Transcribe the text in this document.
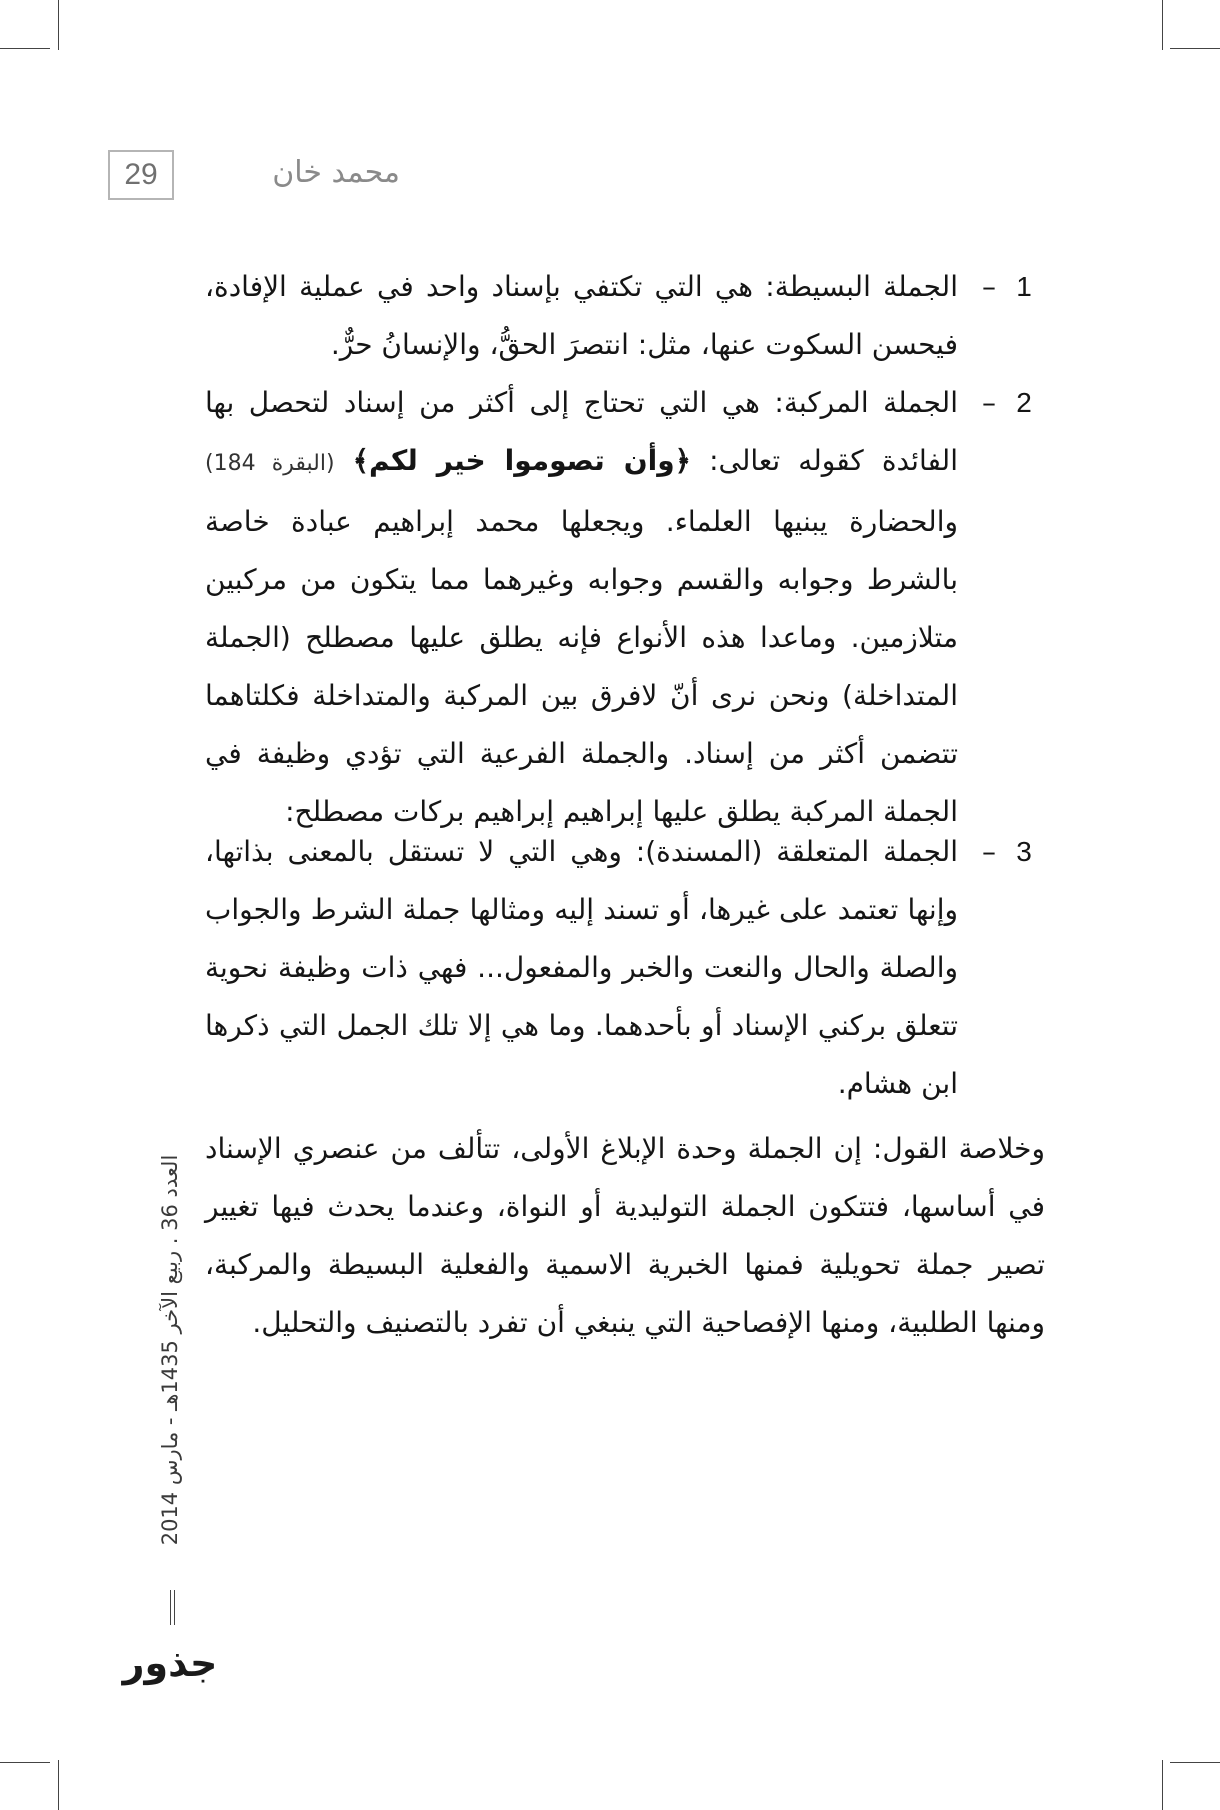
29	محمد خان
1
–
الجملة البسيطة: هي التي تكتفي بإسناد واحد في عملية الإفادة، فيحسن السكوت عنها، مثل: انتصرَ الحقُّ، والإنسانُ حرٌّ.
2
–
الجملة المركبة: هي التي تحتاج إلى أكثر من إسناد لتحصل بها الفائدة كقوله تعالى: ﴿وأن تصوموا خير لكم﴾ (البقرة 184) والحضارة يبنيها العلماء. ويجعلها محمد إبراهيم عبادة خاصة بالشرط وجوابه والقسم وجوابه وغيرهما مما يتكون من مركبين متلازمين. وماعدا هذه الأنواع فإنه يطلق عليها مصطلح (الجملة المتداخلة) ونحن نرى أنّ لافرق بين المركبة والمتداخلة فكلتاهما تتضمن أكثر من إسناد. والجملة الفرعية التي تؤدي وظيفة في الجملة المركبة يطلق عليها إبراهيم إبراهيم بركات مصطلح:
3
–
الجملة المتعلقة (المسندة): وهي التي لا تستقل بالمعنى بذاتها، وإنها تعتمد على غيرها، أو تسند إليه ومثالها جملة الشرط والجواب والصلة والحال والنعت والخبر والمفعول... فهي ذات وظيفة نحوية تتعلق بركني الإسناد أو بأحدهما. وما هي إلا تلك الجمل التي ذكرها ابن هشام.
وخلاصة القول: إن الجملة وحدة الإبلاغ الأولى، تتألف من عنصري الإسناد في أساسها، فتتكون الجملة التوليدية أو النواة، وعندما يحدث فيها تغيير تصير جملة تحويلية فمنها الخبرية الاسمية والفعلية البسيطة والمركبة، ومنها الطلبية، ومنها الإفصاحية التي ينبغي أن تفرد بالتصنيف والتحليل.
العدد 36 . ربيع الآخر 1435هـ - مارس 2014
جذور
